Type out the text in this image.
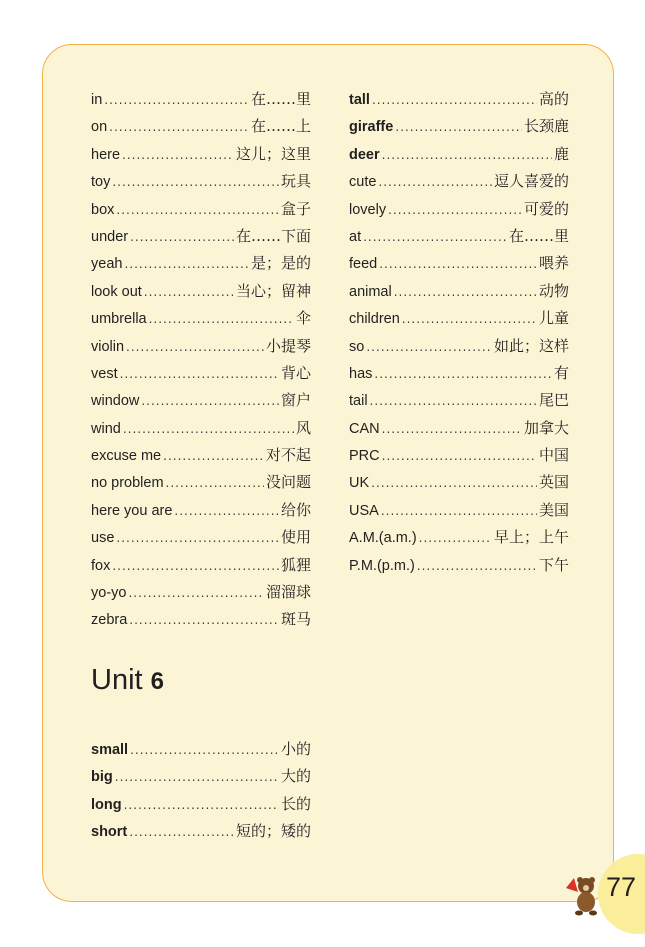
in .....	在……里
on .....	在……上
here .....	这儿；这里
toy .....	玩具
box .....	盒子
under .....	在……下面
yeah .....	是；是的
look out .....	当心；留神
umbrella .....	伞
violin .....	小提琴
vest .....	背心
window .....	窗户
wind .....	风
excuse me .....	对不起
no problem .....	没问题
here you are .....	给你
use .....	使用
fox .....	狐狸
yo-yo .....	溜溜球
zebra .....	斑马
tall .....	高的
giraffe .....	长颈鹿
deer .....	鹿
cute .....	逗人喜爱的
lovely .....	可爱的
at .....	在……里
feed .....	喂养
animal .....	动物
children .....	儿童
so .....	如此；这样
has .....	有
tail .....	尾巴
CAN .....	加拿大
PRC .....	中国
UK .....	英国
USA .....	美国
A.M.(a.m.) .....	早上；上午
P.M.(p.m.) .....	下午
Unit 6
small .....	小的
big .....	大的
long .....	长的
short .....	短的；矮的
77
